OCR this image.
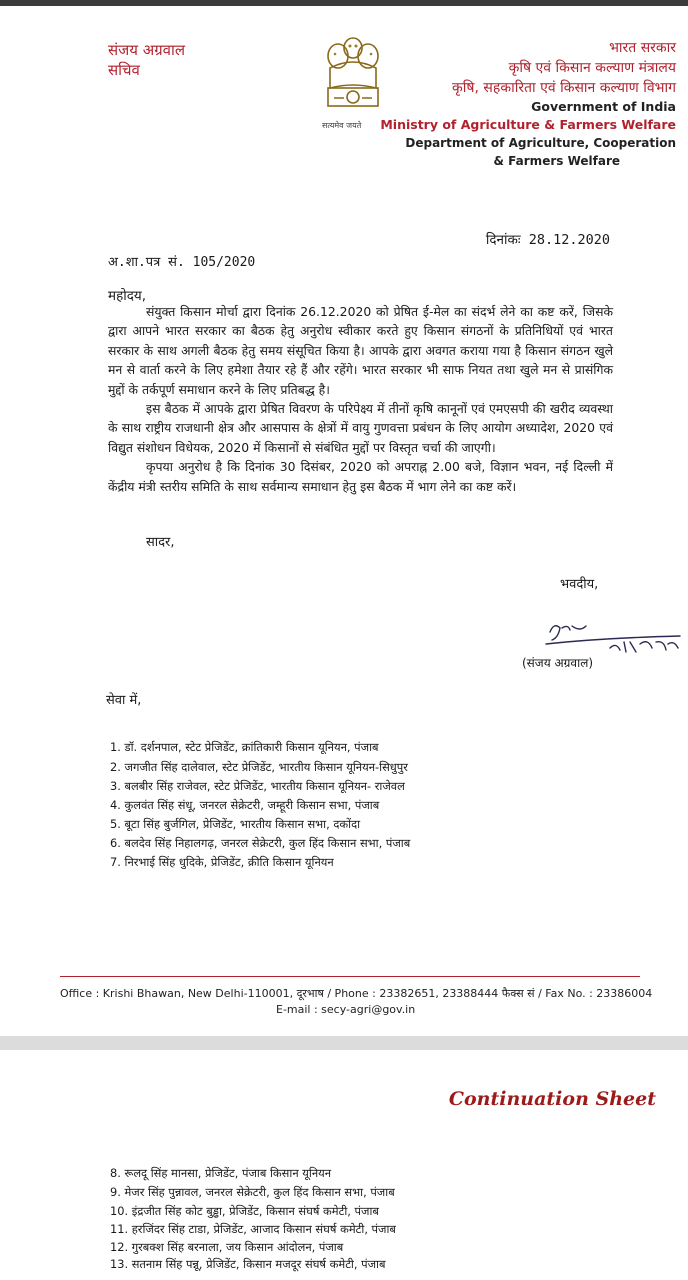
संजय अग्रवाल
सचिव
सत्यमेव जयते
भारत सरकार
कृषि एवं किसान कल्याण मंत्रालय
कृषि, सहकारिता एवं किसान कल्याण विभाग
Government of India
Ministry of Agriculture & Farmers Welfare
Department of Agriculture, Cooperation
& Farmers Welfare
दिनांकः 28.12.2020
अ.शा.पत्र सं. 105/2020
महोदय,

संयुक्त किसान मोर्चा द्वारा दिनांक 26.12.2020 को प्रेषित ई-मेल का संदर्भ लेने का कष्ट करें, जिसके द्वारा आपने भारत सरकार का बैठक हेतु अनुरोध स्वीकार करते हुए किसान संगठनों के प्रतिनिधियों एवं भारत सरकार के साथ अगली बैठक हेतु समय संसूचित किया है। आपके द्वारा अवगत कराया गया है किसान संगठन खुले मन से वार्ता करने के लिए हमेशा तैयार रहे हैं और रहेंगे। भारत सरकार भी साफ नियत तथा खुले मन से प्रासंगिक मुद्दों के तर्कपूर्ण समाधान करने के लिए प्रतिबद्ध है।

इस बैठक में आपके द्वारा प्रेषित विवरण के परिपेक्ष्य में तीनों कृषि कानूनों एवं एमएसपी की खरीद व्यवस्था के साथ राष्ट्रीय राजधानी क्षेत्र और आसपास के क्षेत्रों में वायु गुणवत्ता प्रबंधन के लिए आयोग अध्यादेश, 2020 एवं विद्युत संशोधन विधेयक, 2020 में किसानों से संबंधित मुद्दों पर विस्तृत चर्चा की जाएगी।

कृपया अनुरोध है कि दिनांक 30 दिसंबर, 2020 को अपराह्न 2.00 बजे, विज्ञान भवन, नई दिल्ली में केंद्रीय मंत्री स्तरीय समिति के साथ सर्वमान्य समाधान हेतु इस बैठक में भाग लेने का कष्ट करें।

सादर,
भवदीय,
(संजय अग्रवाल)
सेवा में,
1. डॉ. दर्शनपाल, स्टेट प्रेजिडेंट, क्रांतिकारी किसान यूनियन, पंजाब
2. जगजीत सिंह दालेवाल, स्टेट प्रेजिडेंट, भारतीय किसान यूनियन-सिधुपुर
3. बलबीर सिंह राजेवल, स्टेट प्रेजिडेंट, भारतीय किसान यूनियन- राजेवल
4. कुलवंत सिंह संधू, जनरल सेक्रेटरी, जम्हूरी किसान सभा, पंजाब
5. बूटा सिंह बुर्जगिल, प्रेजिडेंट, भारतीय किसान सभा, दकोंदा
6. बलदेव सिंह निहालगढ़, जनरल सेक्रेटरी, कुल हिंद किसान सभा, पंजाब
7. निरभाई सिंह धुदिके, प्रेजिडेंट, क्रीति किसान यूनियन
Office : Krishi Bhawan, New Delhi-110001, दूरभाष / Phone : 23382651, 23388444 फैक्स सं / Fax No. : 23386004
E-mail : secy-agri@gov.in
Continuation Sheet
8. रूलदू सिंह मानसा, प्रेजिडेंट, पंजाब किसान यूनियन
9. मेजर सिंह पुन्नावल, जनरल सेक्रेटरी, कुल हिंद किसान सभा, पंजाब
10. इंद्रजीत सिंह कोट बुड्ढा, प्रेजिडेंट, किसान संघर्ष कमेटी, पंजाब
11. हरजिंदर सिंह टाडा, प्रेजिडेंट, आजाद किसान संघर्ष कमेटी, पंजाब
12. गुरबक्श सिंह बरनाला, जय किसान आंदोलन, पंजाब
13. सतनाम सिंह पन्नू, प्रेजिडेंट, किसान मजदूर संघर्ष कमेटी, पंजाब
